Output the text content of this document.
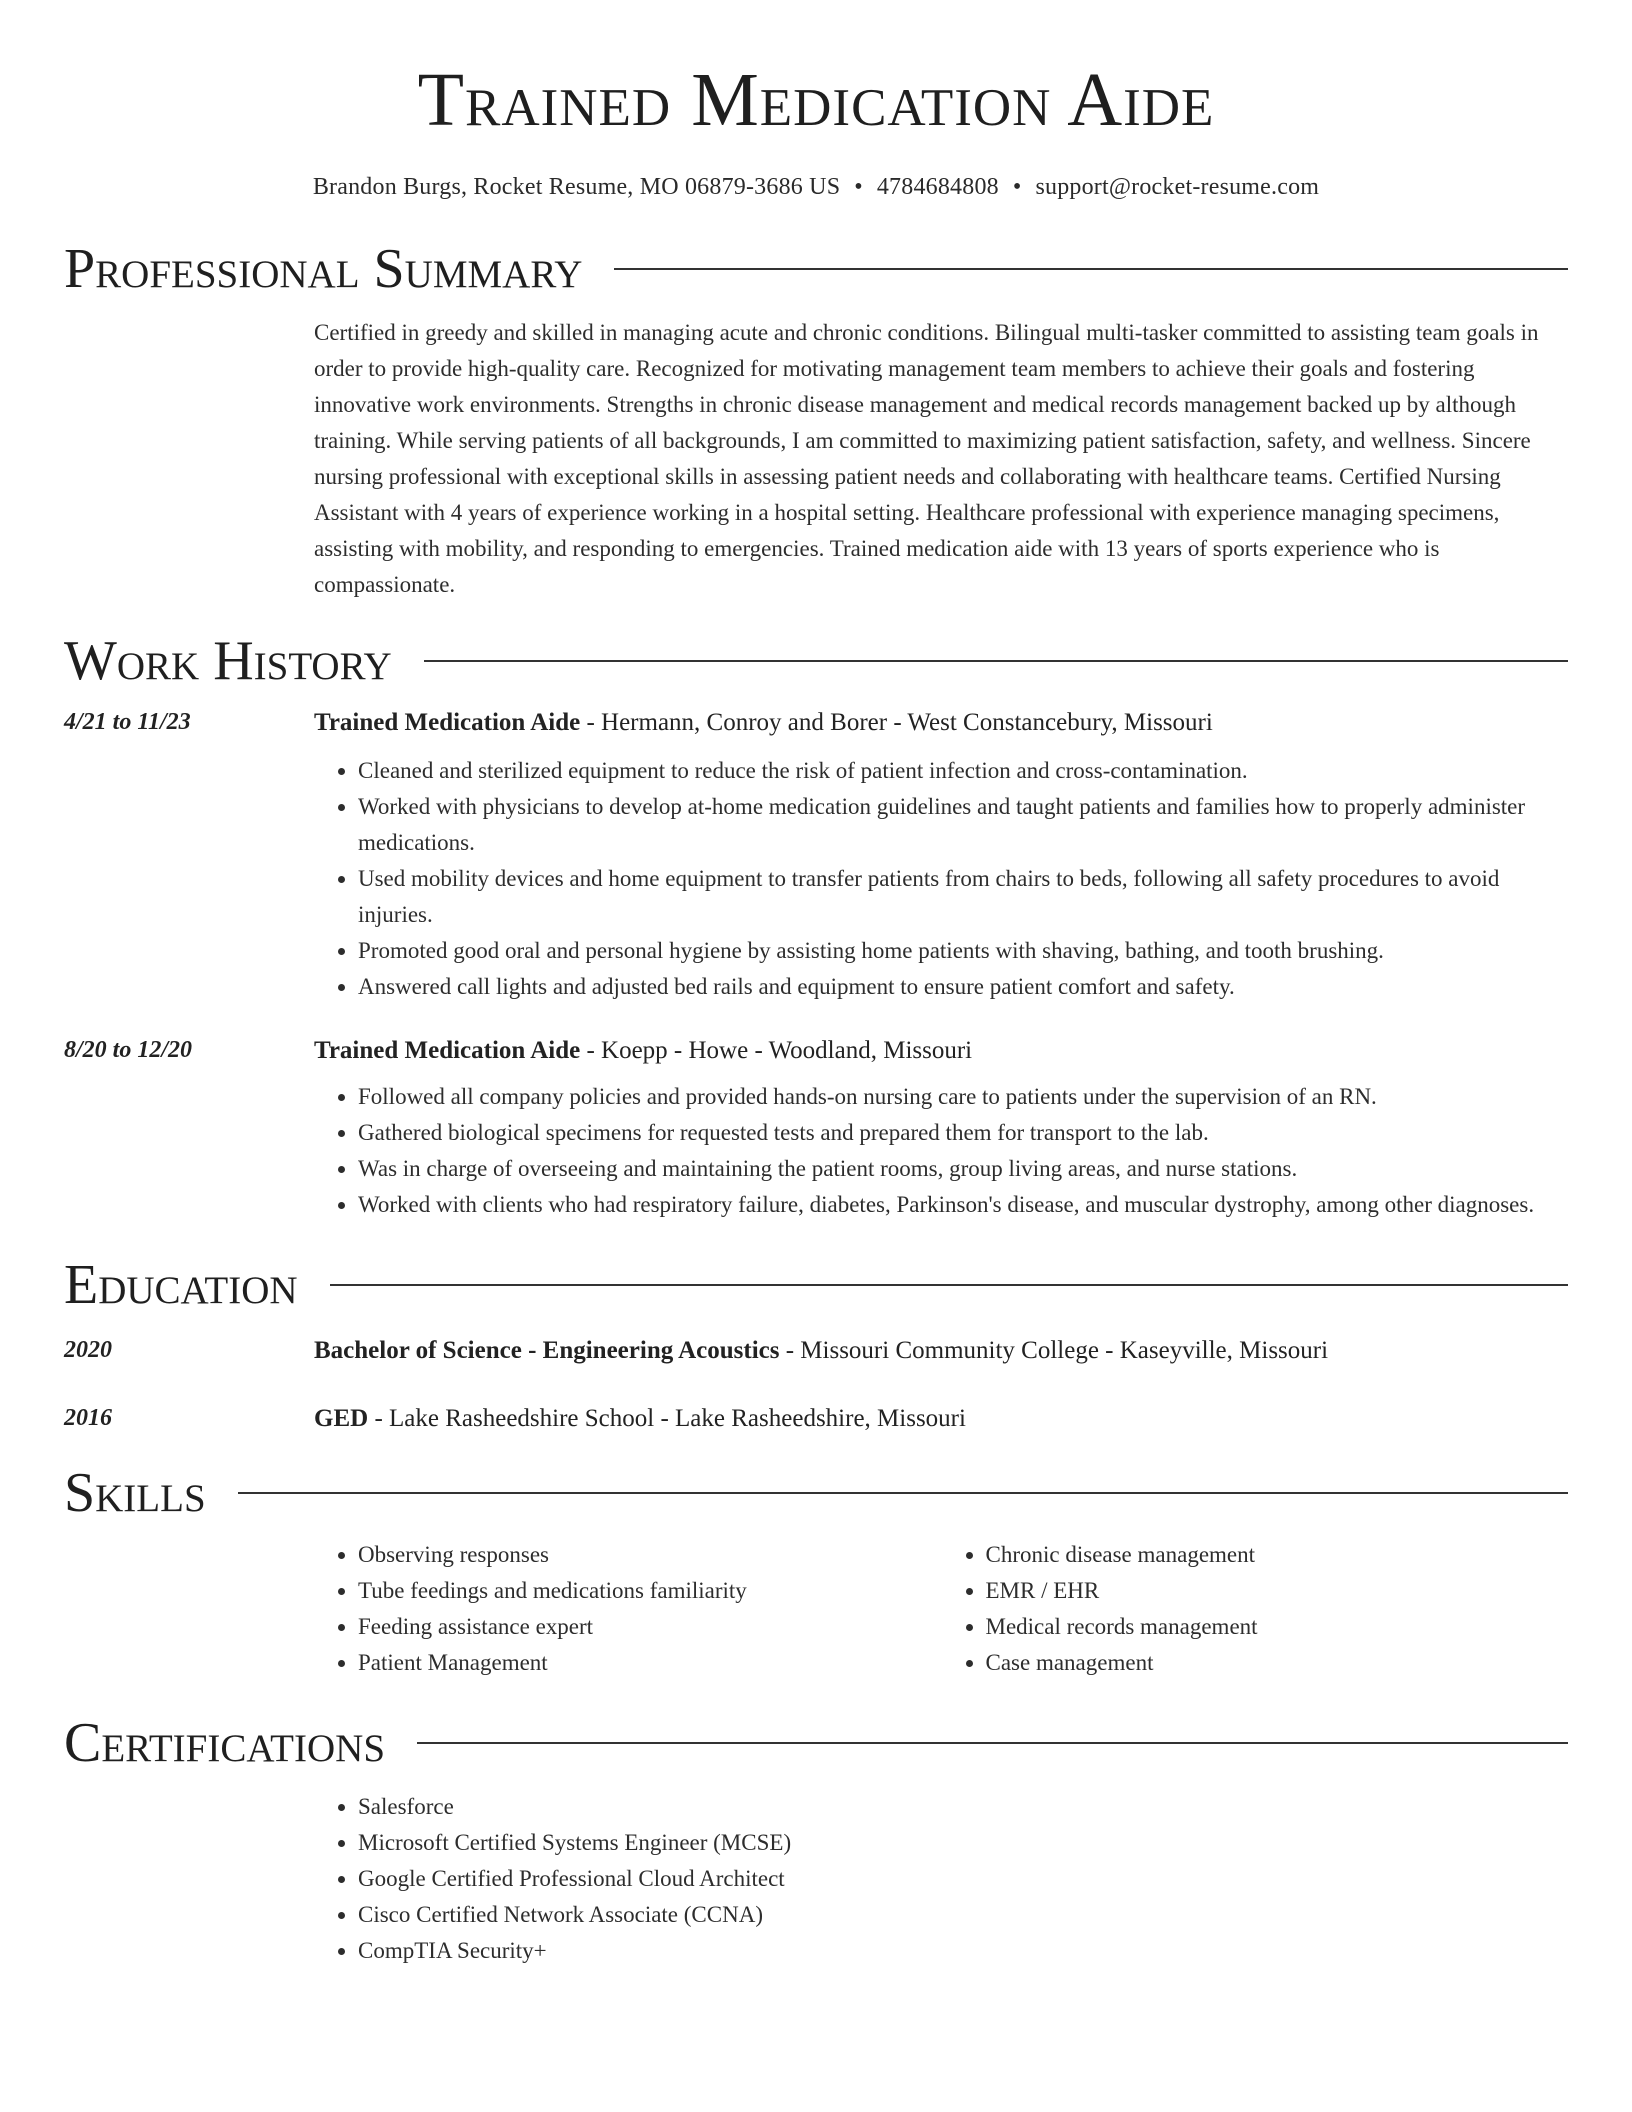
Trained Medication Aide
Brandon Burgs, Rocket Resume, MO 06879-3686 US • 4784684808 • support@rocket-resume.com
Professional Summary

Certified in greedy and skilled in managing acute and chronic conditions. Bilingual multi-tasker committed to assisting team goals in order to provide high-quality care. Recognized for motivating management team members to achieve their goals and fostering innovative work environments. Strengths in chronic disease management and medical records management backed up by although training. While serving patients of all backgrounds, I am committed to maximizing patient satisfaction, safety, and wellness. Sincere nursing professional with exceptional skills in assessing patient needs and collaborating with healthcare teams. Certified Nursing Assistant with 4 years of experience working in a hospital setting. Healthcare professional with experience managing specimens, assisting with mobility, and responding to emergencies. Trained medication aide with 13 years of sports experience who is compassionate.

Work History
4/21 to 11/23	Trained Medication Aide - Hermann, Conroy and Borer - West Constancebury, Missouri
• Cleaned and sterilized equipment to reduce the risk of patient infection and cross-contamination.
• Worked with physicians to develop at-home medication guidelines and taught patients and families how to properly administer medications.
• Used mobility devices and home equipment to transfer patients from chairs to beds, following all safety procedures to avoid injuries.
• Promoted good oral and personal hygiene by assisting home patients with shaving, bathing, and tooth brushing.
• Answered call lights and adjusted bed rails and equipment to ensure patient comfort and safety.
8/20 to 12/20	Trained Medication Aide - Koepp - Howe - Woodland, Missouri
• Followed all company policies and provided hands-on nursing care to patients under the supervision of an RN.
• Gathered biological specimens for requested tests and prepared them for transport to the lab.
• Was in charge of overseeing and maintaining the patient rooms, group living areas, and nurse stations.
• Worked with clients who had respiratory failure, diabetes, Parkinson's disease, and muscular dystrophy, among other diagnoses.
Education
2020	Bachelor of Science - Engineering Acoustics - Missouri Community College - Kaseyville, Missouri
2016	GED - Lake Rasheedshire School - Lake Rasheedshire, Missouri
Skills
• Observing responses
• Tube feedings and medications familiarity
• Feeding assistance expert
• Patient Management
• Chronic disease management
• EMR / EHR
• Medical records management
• Case management
Certifications
• Salesforce
• Microsoft Certified Systems Engineer (MCSE)
• Google Certified Professional Cloud Architect
• Cisco Certified Network Associate (CCNA)
• CompTIA Security+
